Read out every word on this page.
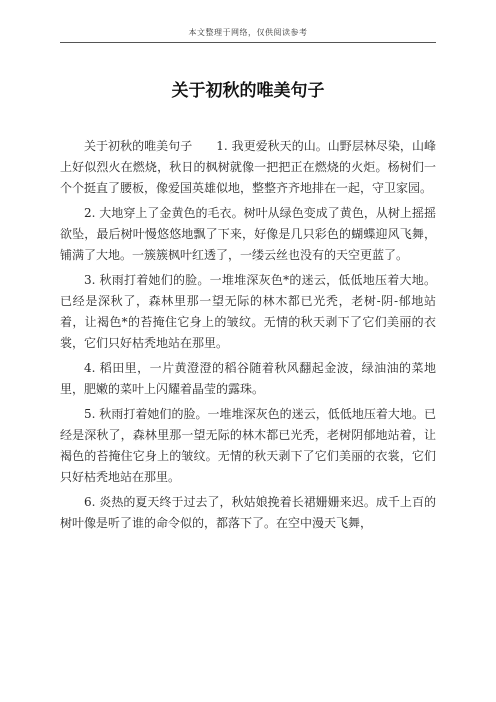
本文整理于网络，仅供阅读参考
关于初秋的唯美句子

关于初秋的唯美句子　　1. 我更爱秋天的山。山野层林尽染，山峰上好似烈火在燃烧，秋日的枫树就像一把把正在燃烧的火炬。杨树们一个个挺直了腰板，像爱国英雄似地，整整齐齐地排在一起，守卫家园。

2. 大地穿上了金黄色的毛衣。树叶从绿色变成了黄色，从树上摇摇欲坠，最后树叶慢悠悠地飘了下来，好像是几只彩色的蝴蝶迎风飞舞，铺满了大地。一簇簇枫叶红透了，一缕云丝也没有的天空更蓝了。

3. 秋雨打着她们的脸。一堆堆深灰色*的迷云，低低地压着大地。已经是深秋了，森林里那一望无际的林木都已光秃，老树-阴-郁地站着，让褐色*的苔掩住它身上的皱纹。无情的秋天剥下了它们美丽的衣裳，它们只好枯秃地站在那里。

4. 稻田里，一片黄澄澄的稻谷随着秋风翻起金波，绿油油的菜地里，肥嫩的菜叶上闪耀着晶莹的露珠。

5. 秋雨打着她们的脸。一堆堆深灰色的迷云，低低地压着大地。已经是深秋了，森林里那一望无际的林木都已光秃，老树阴郁地站着，让褐色的苔掩住它身上的皱纹。无情的秋天剥下了它们美丽的衣裳，它们只好枯秃地站在那里。

6. 炎热的夏天终于过去了，秋姑娘挽着长裙姗姗来迟。成千上百的树叶像是听了谁的命令似的，都落下了。在空中漫天飞舞，
